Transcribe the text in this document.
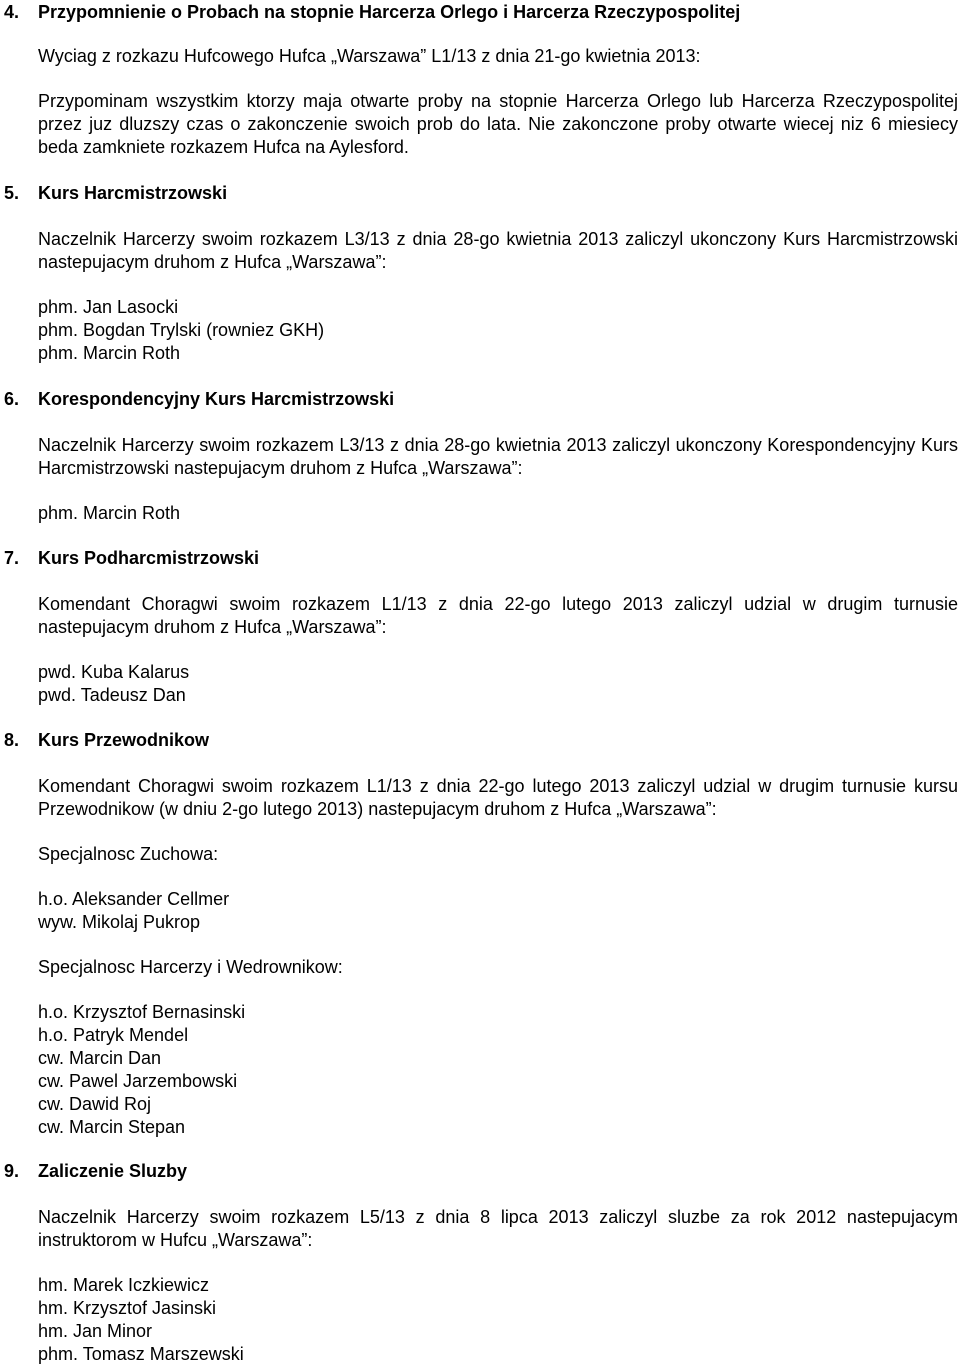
4. Przypomnienie o Probach na stopnie Harcerza Orlego i Harcerza Rzeczypospolitej

Wyciag z rozkazu Hufcowego Hufca „Warszawa” L1/13 z dnia 21-go kwietnia 2013:

Przypominam wszystkim ktorzy maja otwarte proby na stopnie Harcerza Orlego lub Harcerza Rzeczypospolitej przez juz dluzszy czas o zakonczenie swoich prob do lata. Nie zakonczone proby otwarte wiecej niz 6 miesiecy beda zamkniete rozkazem Hufca na Aylesford.

5. Kurs Harcmistrzowski

Naczelnik Harcerzy swoim rozkazem L3/13 z dnia 28-go kwietnia 2013 zaliczyl ukonczony Kurs Harcmistrzowski nastepujacym druhom z Hufca „Warszawa”:

phm. Jan Lasocki
phm. Bogdan Trylski (rowniez GKH)
phm. Marcin Roth
6. Korespondencyjny Kurs Harcmistrzowski

Naczelnik Harcerzy swoim rozkazem L3/13 z dnia 28-go kwietnia 2013 zaliczyl ukonczony Korespondencyjny Kurs Harcmistrzowski nastepujacym druhom z Hufca „Warszawa”:

phm. Marcin Roth
7. Kurs Podharcmistrzowski

Komendant Choragwi swoim rozkazem L1/13 z dnia 22-go lutego 2013 zaliczyl udzial w drugim turnusie nastepujacym druhom z Hufca „Warszawa”:

pwd. Kuba Kalarus
pwd. Tadeusz Dan
8. Kurs Przewodnikow

Komendant Choragwi swoim rozkazem L1/13 z dnia 22-go lutego 2013 zaliczyl udzial w drugim turnusie kursu Przewodnikow (w dniu 2-go lutego 2013) nastepujacym druhom z Hufca „Warszawa”:

Specjalnosc Zuchowa:
h.o. Aleksander Cellmer
wyw. Mikolaj Pukrop
Specjalnosc Harcerzy i Wedrownikow:
h.o. Krzysztof Bernasinski
h.o. Patryk Mendel
cw. Marcin Dan
cw. Pawel Jarzembowski
cw. Dawid Roj
cw. Marcin Stepan
9. Zaliczenie Sluzby

Naczelnik Harcerzy swoim rozkazem L5/13 z dnia 8 lipca 2013 zaliczyl sluzbe za rok 2012 nastepujacym instruktorom w Hufcu „Warszawa”:

hm. Marek Iczkiewicz
hm. Krzysztof Jasinski
hm. Jan Minor
phm. Tomasz Marszewski
